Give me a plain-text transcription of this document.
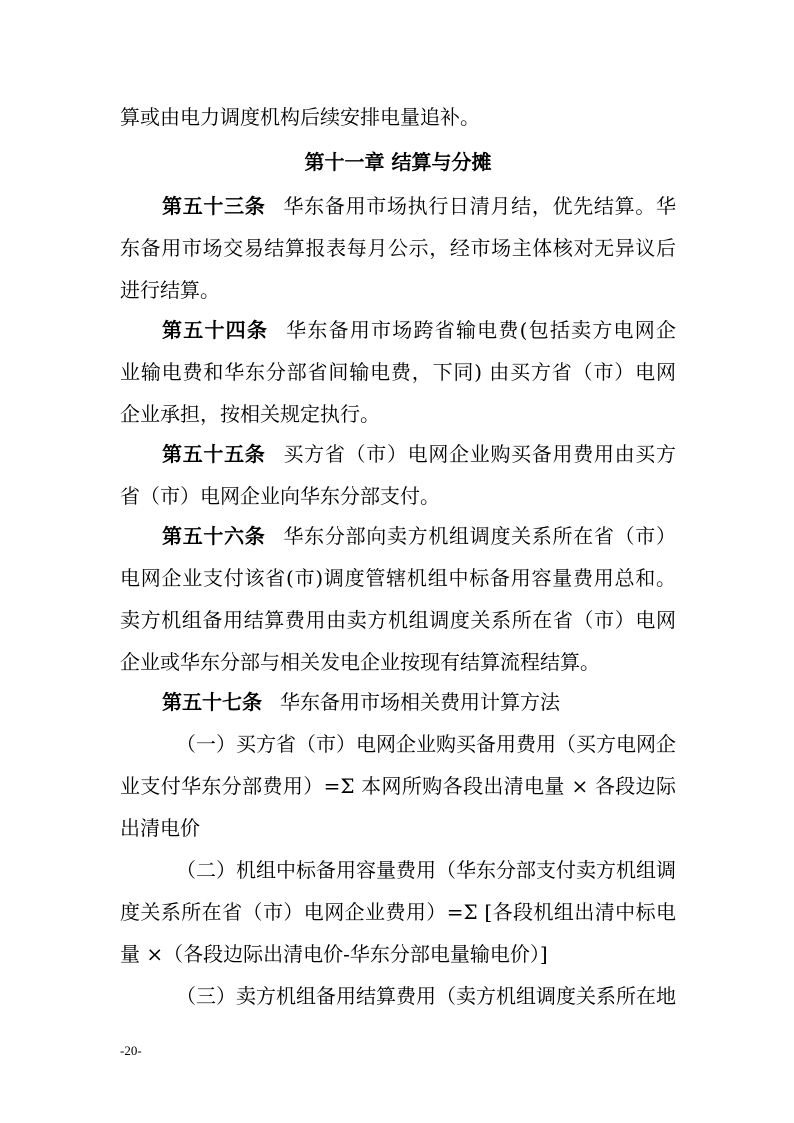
算或由电力调度机构后续安排电量追补。
第十一章 结算与分摊
第五十三条 华东备用市场执行日清月结，优先结算。华
东备用市场交易结算报表每月公示，经市场主体核对无异议后
进行结算。
第五十四条 华东备用市场跨省输电费(包括卖方电网企
业输电费和华东分部省间输电费，下同) 由买方省（市）电网
企业承担，按相关规定执行。
第五十五条 买方省（市）电网企业购买备用费用由买方
省（市）电网企业向华东分部支付。
第五十六条 华东分部向卖方机组调度关系所在省（市）
电网企业支付该省(市)调度管辖机组中标备用容量费用总和。
卖方机组备用结算费用由卖方机组调度关系所在省（市）电网
企业或华东分部与相关发电企业按现有结算流程结算。
第五十七条 华东备用市场相关费用计算方法
（一）买方省（市）电网企业购买备用费用（买方电网企
业支付华东分部费用）=Σ 本网所购各段出清电量 × 各段边际
出清电价
（二）机组中标备用容量费用（华东分部支付卖方机组调
度关系所在省（市）电网企业费用）=Σ [各段机组出清中标电
量 ×（各段边际出清电价-华东分部电量输电价）]
（三）卖方机组备用结算费用（卖方机组调度关系所在地
-20-
